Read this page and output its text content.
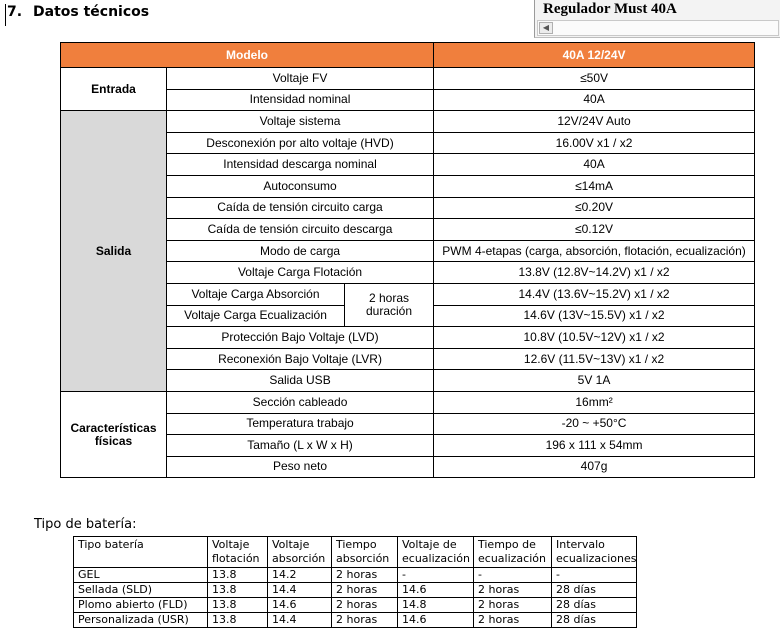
7. Datos técnicos	Regulador Must 40A
◀
Modelo			40A 12/24V
Entrada	Voltaje FV		≤50V
	Intensidad nominal		40A
Salida	Voltaje sistema		12V/24V Auto
	Desconexión por alto voltaje (HVD)		16.00V x1 / x2
	Intensidad descarga nominal		40A
	Autoconsumo		≤14mA
	Caída de tensión circuito carga		≤0.20V
	Caída de tensión circuito descarga		≤0.12V
	Modo de carga		PWM 4-etapas (carga, absorción, flotación, ecualización)
	Voltaje Carga Flotación		13.8V (12.8V~14.2V) x1 / x2
	Voltaje Carga Absorción	2 horas duración	14.4V (13.6V~15.2V) x1 / x2
	Voltaje Carga Ecualización		14.6V (13V~15.5V) x1 / x2
	Protección Bajo Voltaje (LVD)		10.8V (10.5V~12V) x1 / x2
	Reconexión Bajo Voltaje (LVR)		12.6V (11.5V~13V) x1 / x2
	Salida USB		5V 1A
Características físicas	Sección cableado		16mm²
	Temperatura trabajo		-20 ~ +50°C
	Tamaño (L x W x H)		196 x 111 x 54mm
	Peso neto		407g
Tipo de batería:
Tipo batería	Voltaje flotación	Voltaje absorción	Tiempo absorción	Voltaje de ecualización	Tiempo de ecualización	Intervalo ecualizaciones
GEL	13.8	14.2	2 horas	-	-	-
Sellada (SLD)	13.8	14.4	2 horas	14.6	2 horas	28 días
Plomo abierto (FLD)	13.8	14.6	2 horas	14.8	2 horas	28 días
Personalizada (USR)	13.8	14.4	2 horas	14.6	2 horas	28 días
